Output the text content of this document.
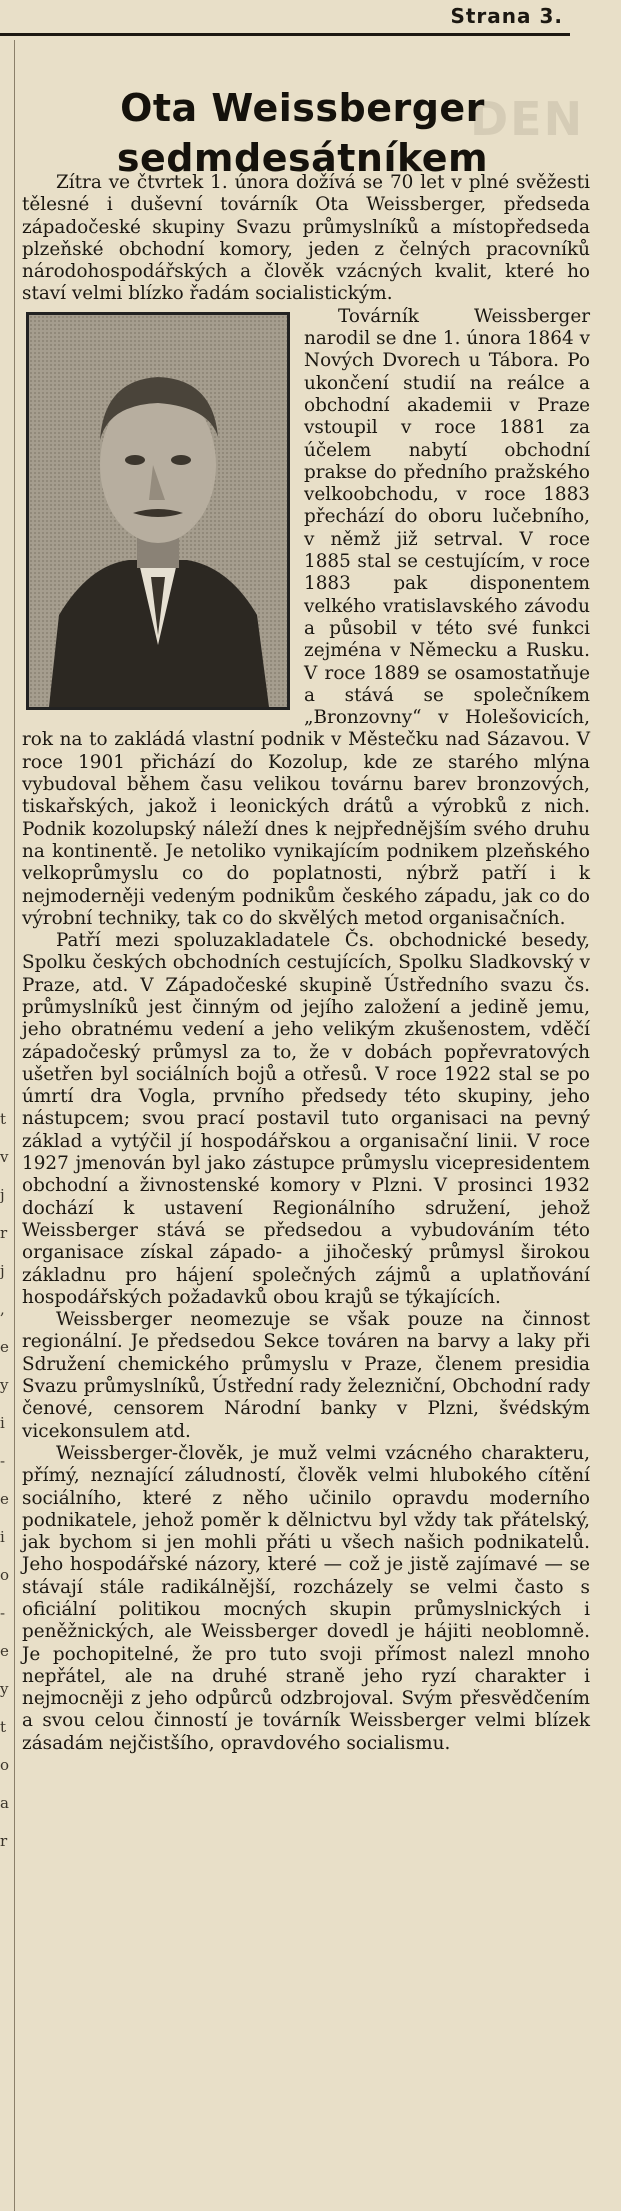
Strana 3.
t
v
j
r
j
,
e
y
i
-
e
i
o
-
e
y
t
o
a
r
DEN
Ota Weissberger
sedmdesátníkem

Zítra ve čtvrtek 1. února dožívá se 70 let v plné svěžesti tělesné i duševní továrník Ota Weissberger, předseda západočeské skupiny Svazu průmyslníků a místopředseda plzeňské obchodní komory, jeden z čelných pracovníků národohospodářských a člověk vzácných kvalit, které ho staví velmi blízko řadám socialistickým.

Továrník Weissberger narodil se dne 1. února 1864 v Nových Dvorech u Tábora. Po ukončení studií na reálce a obchodní akademii v Praze vstoupil v roce 1881 za účelem nabytí obchodní prakse do předního pražského velkoobchodu, v roce 1883 přechází do oboru lučebního, v němž již setrval. V roce 1885 stal se cestujícím, v roce 1883 pak disponentem velkého vratislavského závodu a působil v této své funkci zejména v Německu a Rusku. V roce 1889 se osamostatňuje a stává se společníkem „Bronzovny“ v Holešovicích, rok na to zakládá vlastní podnik v Městečku nad Sázavou. V roce 1901 přichází do Kozolup, kde ze starého mlýna vybudoval během času velikou továrnu barev bronzových, tiskařských, jakož i leonických drátů a výrobků z nich. Podnik kozolupský náleží dnes k nejpřednějším svého druhu na kontinentě. Je netoliko vynikajícím podnikem plzeňského velkoprůmyslu co do poplatnosti, nýbrž patří i k nejmoderněji vedeným podnikům českého západu, jak co do výrobní techniky, tak co do skvělých metod organisačních.

Patří mezi spoluzakladatele Čs. obchodnické besedy, Spolku českých obchodních cestujících, Spolku Sladkovský v Praze, atd. V Západočeské skupině Ústředního svazu čs. průmyslníků jest činným od jejího založení a jedině jemu, jeho obratnému vedení a jeho velikým zkušenostem, vděčí západočeský průmysl za to, že v dobách popřevratových ušetřen byl sociálních bojů a otřesů. V roce 1922 stal se po úmrtí dra Vogla, prvního předsedy této skupiny, jeho nástupcem; svou prací postavil tuto organisaci na pevný základ a vytýčil jí hospodářskou a organisační linii. V roce 1927 jmenován byl jako zástupce průmyslu vicepresidentem obchodní a živnostenské komory v Plzni. V prosinci 1932 dochází k ustavení Regionálního sdružení, jehož Weissberger stává se předsedou a vybudováním této organisace získal západo- a jihočeský průmysl širokou základnu pro hájení společných zájmů a uplatňování hospodářských požadavků obou krajů se týkajících.

Weissberger neomezuje se však pouze na činnost regionální. Je předsedou Sekce továren na barvy a laky při Sdružení chemického průmyslu v Praze, členem presidia Svazu průmyslníků, Ústřední rady železniční, Obchodní rady čenové, censorem Národní banky v Plzni, švédským vicekonsulem atd.

Weissberger-člověk, je muž velmi vzácného charakteru, přímý, neznající záludností, člověk velmi hlubokého cítění sociálního, které z něho učinilo opravdu moderního podnikatele, jehož poměr k dělnictvu byl vždy tak přátelský, jak bychom si jen mohli přáti u všech našich podnikatelů. Jeho hospodářské názory, které — což je jistě zajímavé — se stávají stále radikálnější, rozcházely se velmi často s oficiální politikou mocných skupin průmyslnických i peněžnických, ale Weissberger dovedl je hájiti neoblomně. Je pochopitelné, že pro tuto svoji přímost nalezl mnoho nepřátel, ale na druhé straně jeho ryzí charakter i nejmocněji z jeho odpůrců odzbrojoval. Svým přesvědčením a svou celou činností je továrník Weissberger velmi blízek zásadám nejčistšího, opravdového socialismu.
